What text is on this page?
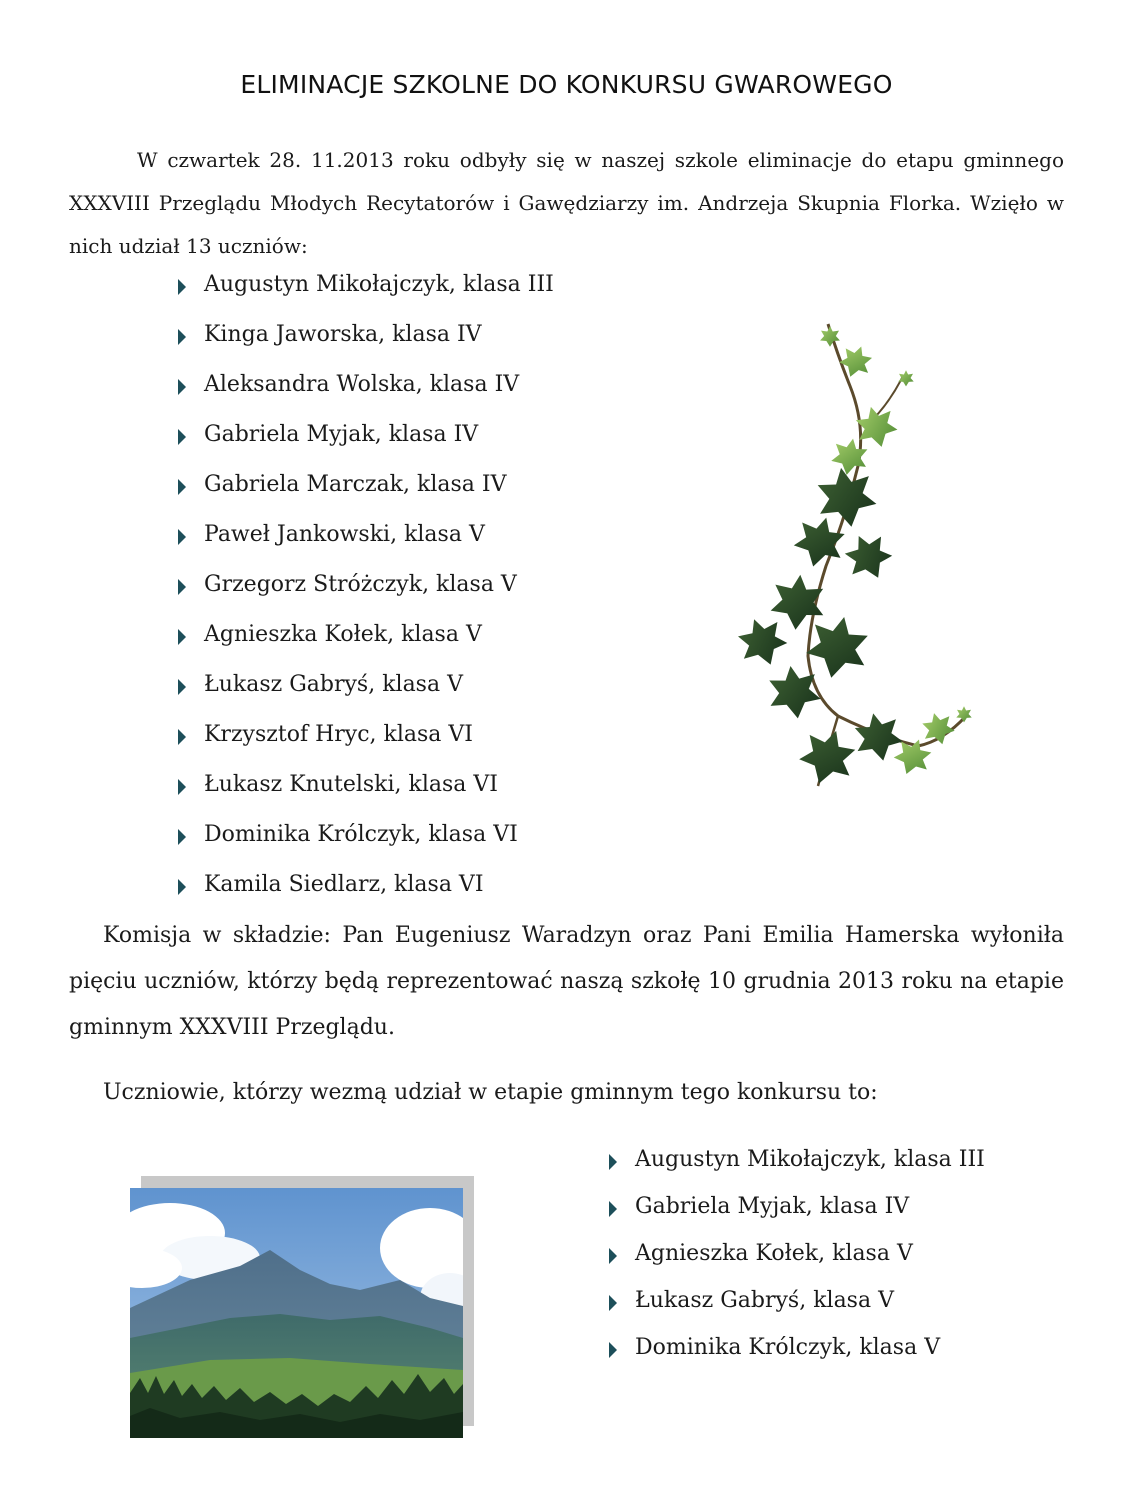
ELIMINACJE SZKOLNE DO KONKURSU GWAROWEGO

W czwartek 28. 11.2013 roku odbyły się w naszej szkole eliminacje do etapu gminnego XXXVIII Przeglądu Młodych Recytatorów i Gawędziarzy im. Andrzeja Skupnia Florka. Wzięło w nich udział 13 uczniów:

Augustyn Mikołajczyk, klasa III
Kinga Jaworska, klasa IV
Aleksandra Wolska, klasa IV
Gabriela Myjak, klasa IV
Gabriela Marczak, klasa IV
Paweł Jankowski, klasa V
Grzegorz Stróżczyk, klasa V
Agnieszka Kołek, klasa V
Łukasz Gabryś, klasa V
Krzysztof Hryc, klasa VI
Łukasz Knutelski, klasa VI
Dominika Królczyk, klasa VI
Kamila Siedlarz, klasa VI

Komisja w składzie: Pan Eugeniusz Waradzyn oraz Pani Emilia Hamerska wyłoniła pięciu uczniów, którzy będą reprezentować naszą szkołę 10 grudnia 2013 roku na etapie gminnym XXXVIII Przeglądu.

Uczniowie, którzy wezmą udział w etapie gminnym tego konkursu to:

Augustyn Mikołajczyk, klasa III
Gabriela Myjak, klasa IV
Agnieszka Kołek, klasa V
Łukasz Gabryś, klasa V
Dominika Królczyk, klasa V
